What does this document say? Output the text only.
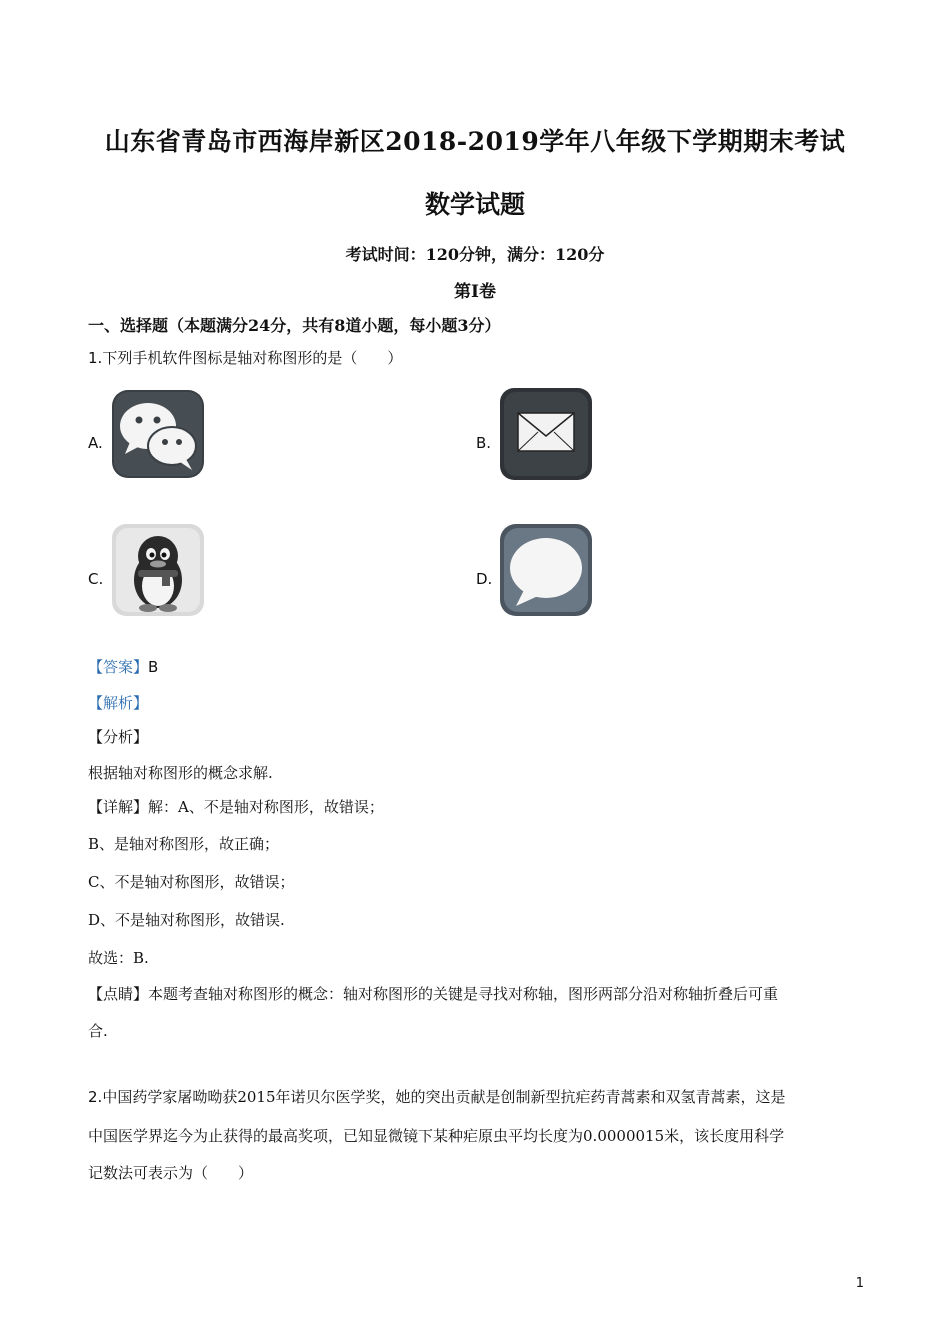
山东省青岛市西海岸新区2018-2019学年八年级下学期期末考试
数学试题
考试时间：120分钟，满分：120分
第Ⅰ卷
一、选择题（本题满分24分，共有8道小题，每小题3分）
1.下列手机软件图标是轴对称图形的是（　　）
A.	B.
C.	D.
【答案】B
【解析】
【分析】
根据轴对称图形的概念求解.
【详解】解：A、不是轴对称图形，故错误；
B、是轴对称图形，故正确；
C、不是轴对称图形，故错误；
D、不是轴对称图形，故错误.
故选：B.
【点睛】本题考查轴对称图形的概念：轴对称图形的关键是寻找对称轴，图形两部分沿对称轴折叠后可重
合.
2.中国药学家屠呦呦获2015年诺贝尔医学奖，她的突出贡献是创制新型抗疟药青蒿素和双氢青蒿素，这是
中国医学界迄今为止获得的最高奖项，已知显微镜下某种疟原虫平均长度为0.0000015米，该长度用科学
记数法可表示为（　　）
1
